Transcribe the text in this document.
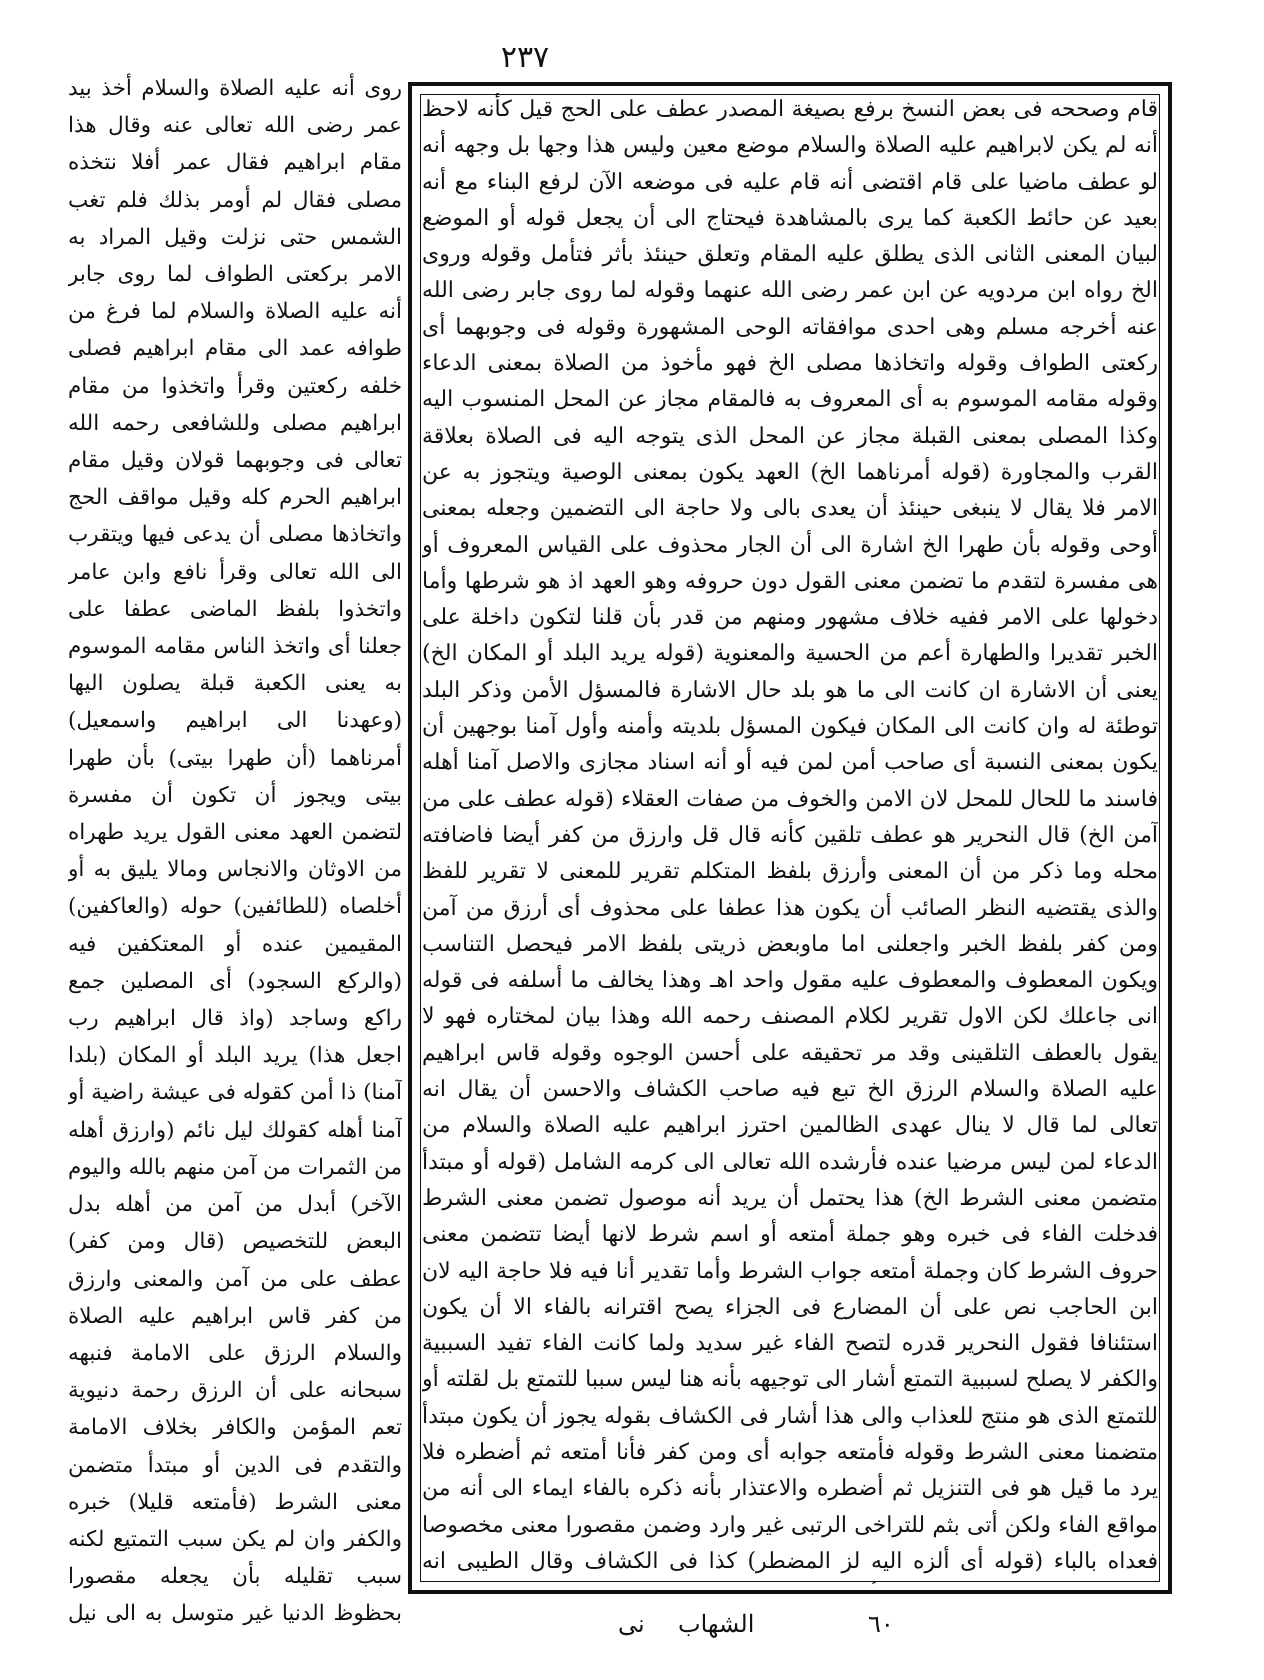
٢٣٧

روى أنه عليه الصلاة والسلام أخذ بيد عمر رضى الله تعالى عنه وقال هذا مقام ابراهيم فقال عمر أفلا نتخذه مصلى فقال لم أومر بذلك فلم تغب الشمس حتى نزلت وقيل المراد به الامر بركعتى الطواف لما روى جابر أنه عليه الصلاة والسلام لما فرغ من طوافه عمد الى مقام ابراهيم فصلى خلفه ركعتين وقرأ واتخذوا من مقام ابراهيم مصلى وللشافعى رحمه الله تعالى فى وجوبهما قولان وقيل مقام ابراهيم الحرم كله وقيل مواقف الحج واتخاذها مصلى أن يدعى فيها ويتقرب الى الله تعالى وقرأ نافع وابن عامر واتخذوا بلفظ الماضى عطفا على جعلنا أى واتخذ الناس مقامه الموسوم به يعنى الكعبة قبلة يصلون اليها (وعهدنا الى ابراهيم واسمعيل) أمرناهما (أن طهرا بيتى) بأن طهرا بيتى ويجوز أن تكون أن مفسرة لتضمن العهد معنى القول يريد طهراه من الاوثان والانجاس ومالا يليق به أو أخلصاه (للطائفين) حوله (والعاكفين) المقيمين عنده أو المعتكفين فيه (والركع السجود) أى المصلين جمع راكع وساجد (واذ قال ابراهيم رب اجعل هذا) يريد البلد أو المكان (بلدا آمنا) ذا أمن كقوله فى عيشة راضية أو آمنا أهله كقولك ليل نائم (وارزق أهله من الثمرات من آمن منهم بالله واليوم الآخر) أبدل من آمن من أهله بدل البعض للتخصيص (قال ومن كفر) عطف على من آمن والمعنى وارزق من كفر قاس ابراهيم عليه الصلاة والسلام الرزق على الامامة فنبهه سبحانه على أن الرزق رحمة دنيوية تعم المؤمن والكافر بخلاف الامامة والتقدم فى الدين أو مبتدأ متضمن معنى الشرط (فأمتعه قليلا) خبره والكفر وان لم يكن سبب التمتيع لكنه سبب تقليله بأن يجعله مقصورا بحظوظ الدنيا غير متوسل به الى نيل

قام وصححه فى بعض النسخ برفع بصيغة المصدر عطف على الحج قيل كأنه لاحظ أنه لم يكن لابراهيم عليه الصلاة والسلام موضع معين وليس هذا وجها بل وجهه أنه لو عطف ماضيا على قام اقتضى أنه قام عليه فى موضعه الآن لرفع البناء مع أنه بعيد عن حائط الكعبة كما يرى بالمشاهدة فيحتاج الى أن يجعل قوله أو الموضع لبيان المعنى الثانى الذى يطلق عليه المقام وتعلق حينئذ بأثر فتأمل وقوله وروى الخ رواه ابن مردويه عن ابن عمر رضى الله عنهما وقوله لما روى جابر رضى الله عنه أخرجه مسلم وهى احدى موافقاته الوحى المشهورة وقوله فى وجوبهما أى ركعتى الطواف وقوله واتخاذها مصلى الخ فهو مأخوذ من الصلاة بمعنى الدعاء وقوله مقامه الموسوم به أى المعروف به فالمقام مجاز عن المحل المنسوب اليه وكذا المصلى بمعنى القبلة مجاز عن المحل الذى يتوجه اليه فى الصلاة بعلاقة القرب والمجاورة (قوله أمرناهما الخ) العهد يكون بمعنى الوصية ويتجوز به عن الامر فلا يقال لا ينبغى حينئذ أن يعدى بالى ولا حاجة الى التضمين وجعله بمعنى أوحى وقوله بأن طهرا الخ اشارة الى أن الجار محذوف على القياس المعروف أو هى مفسرة لتقدم ما تضمن معنى القول دون حروفه وهو العهد اذ هو شرطها وأما دخولها على الامر ففيه خلاف مشهور ومنهم من قدر بأن قلنا لتكون داخلة على الخبر تقديرا والطهارة أعم من الحسية والمعنوية (قوله يريد البلد أو المكان الخ) يعنى أن الاشارة ان كانت الى ما هو بلد حال الاشارة فالمسؤل الأمن وذكر البلد توطئة له وان كانت الى المكان فيكون المسؤل بلديته وأمنه وأول آمنا بوجهين أن يكون بمعنى النسبة أى صاحب أمن لمن فيه أو أنه اسناد مجازى والاصل آمنا أهله فاسند ما للحال للمحل لان الامن والخوف من صفات العقلاء (قوله عطف على من آمن الخ) قال النحرير هو عطف تلقين كأنه قال قل وارزق من كفر أيضا فاضافته محله وما ذكر من أن المعنى وأرزق بلفظ المتكلم تقرير للمعنى لا تقرير للفظ والذى يقتضيه النظر الصائب أن يكون هذا عطفا على محذوف أى أرزق من آمن ومن كفر بلفظ الخبر واجعلنى اما ماوبعض ذريتى بلفظ الامر فيحصل التناسب ويكون المعطوف والمعطوف عليه مقول واحد اهـ وهذا يخالف ما أسلفه فى قوله انى جاعلك لكن الاول تقرير لكلام المصنف رحمه الله وهذا بيان لمختاره فهو لا يقول بالعطف التلقينى وقد مر تحقيقه على أحسن الوجوه وقوله قاس ابراهيم عليه الصلاة والسلام الرزق الخ تبع فيه صاحب الكشاف والاحسن أن يقال انه تعالى لما قال لا ينال عهدى الظالمين احترز ابراهيم عليه الصلاة والسلام من الدعاء لمن ليس مرضيا عنده فأرشده الله تعالى الى كرمه الشامل (قوله أو مبتدأ متضمن معنى الشرط الخ) هذا يحتمل أن يريد أنه موصول تضمن معنى الشرط فدخلت الفاء فى خبره وهو جملة أمتعه أو اسم شرط لانها أيضا تتضمن معنى حروف الشرط كان وجملة أمتعه جواب الشرط وأما تقدير أنا فيه فلا حاجة اليه لان ابن الحاجب نص على أن المضارع فى الجزاء يصح اقترانه بالفاء الا أن يكون استئنافا فقول النحرير قدره لتصح الفاء غير سديد ولما كانت الفاء تفيد السببية والكفر لا يصلح لسببية التمتع أشار الى توجيهه بأنه هنا ليس سببا للتمتع بل لقلته أو للتمتع الذى هو منتج للعذاب والى هذا أشار فى الكشاف بقوله يجوز أن يكون مبتدأ متضمنا معنى الشرط وقوله فأمتعه جوابه أى ومن كفر فأنا أمتعه ثم أضطره فلا يرد ما قيل هو فى التنزيل ثم أضطره والاعتذار بأنه ذكره بالفاء ايماء الى أنه من مواقع الفاء ولكن أتى بثم للتراخى الرتبى غير وارد وضمن مقصورا معنى مخصوصا فعداه بالباء (قوله أى ألزه اليه لز المضطر) كذا فى الكشاف وقال الطيبى انه

٦٠
الشهاب
نى
